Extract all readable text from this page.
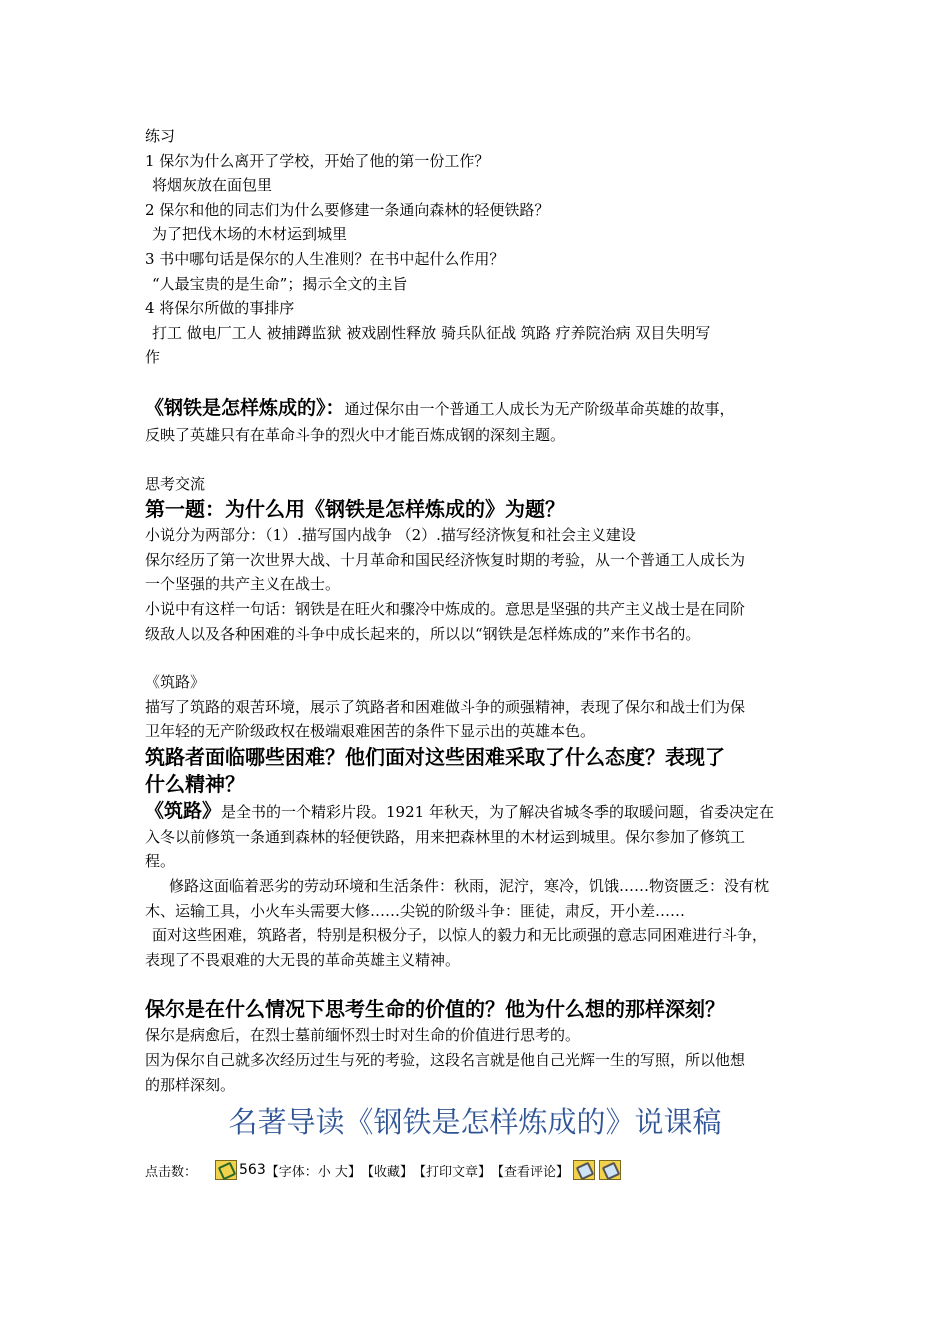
练习
1 保尔为什么离开了学校，开始了他的第一份工作？
将烟灰放在面包里
2 保尔和他的同志们为什么要修建一条通向森林的轻便铁路？
为了把伐木场的木材运到城里
3 书中哪句话是保尔的人生准则？在书中起什么作用？
“人最宝贵的是生命”；揭示全文的主旨
4 将保尔所做的事排序
打工 做电厂工人 被捕蹲监狱 被戏剧性释放 骑兵队征战 筑路 疗养院治病 双目失明写
作
《钢铁是怎样炼成的》：通过保尔由一个普通工人成长为无产阶级革命英雄的故事，
反映了英雄只有在革命斗争的烈火中才能百炼成钢的深刻主题。
思考交流
第一题：为什么用《钢铁是怎样炼成的》为题？
小说分为两部分：（1）.描写国内战争 （2）.描写经济恢复和社会主义建设
保尔经历了第一次世界大战、十月革命和国民经济恢复时期的考验，从一个普通工人成长为
一个坚强的共产主义在战士。
小说中有这样一句话：钢铁是在旺火和骤冷中炼成的。意思是坚强的共产主义战士是在同阶
级敌人以及各种困难的斗争中成长起来的，所以以“钢铁是怎样炼成的”来作书名的。
《筑路》
描写了筑路的艰苦环境，展示了筑路者和困难做斗争的顽强精神，表现了保尔和战士们为保
卫年轻的无产阶级政权在极端艰难困苦的条件下显示出的英雄本色。
筑路者面临哪些困难？他们面对这些困难采取了什么态度？表现了
什么精神？
《筑路》是全书的一个精彩片段。1921 年秋天，为了解决省城冬季的取暖问题，省委决定在
入冬以前修筑一条通到森林的轻便铁路，用来把森林里的木材运到城里。保尔参加了修筑工
程。
修路这面临着恶劣的劳动环境和生活条件：秋雨，泥泞，寒冷，饥饿……物资匮乏：没有枕
木、运输工具，小火车头需要大修……尖锐的阶级斗争：匪徒，肃反，开小差……
面对这些困难，筑路者，特别是积极分子，以惊人的毅力和无比顽强的意志同困难进行斗争，
表现了不畏艰难的大无畏的革命英雄主义精神。
保尔是在什么情况下思考生命的价值的？他为什么想的那样深刻？
保尔是病愈后，在烈士墓前缅怀烈士时对生命的价值进行思考的。
因为保尔自己就多次经历过生与死的考验，这段名言就是他自己光辉一生的写照，所以他想
的那样深刻。
名著导读《钢铁是怎样炼成的》说课稿
点击数：	563 【字体： 小
大 】 【收藏】 【打印文章】 【查看评论】
